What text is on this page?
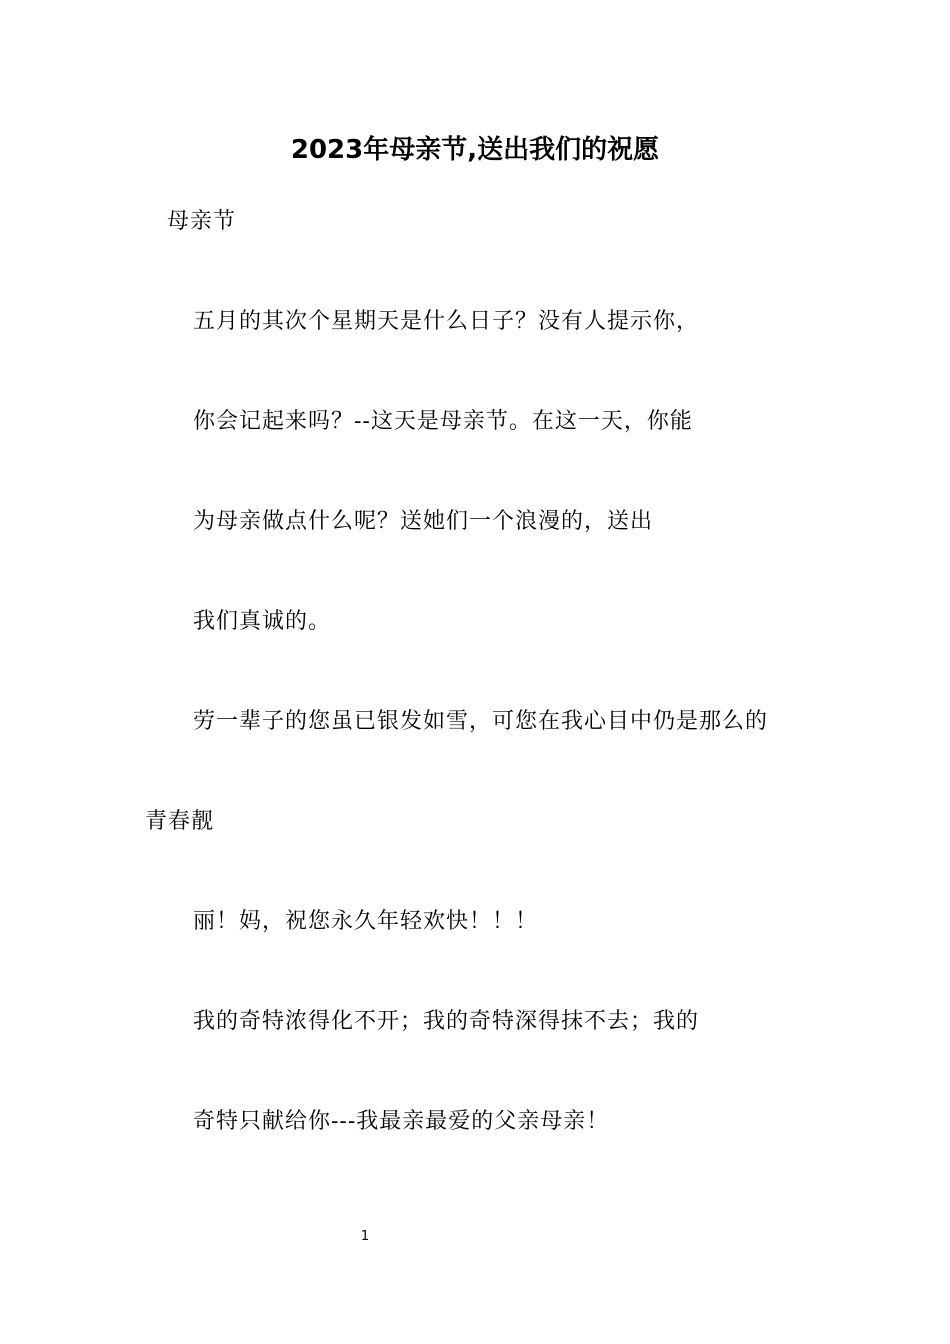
2023年母亲节,送出我们的祝愿
母亲节
五月的其次个星期天是什么日子？没有人提示你，
你会记起来吗？--这天是母亲节。在这一天，你能
为母亲做点什么呢？送她们一个浪漫的，送出
我们真诚的。
劳一辈子的您虽已银发如雪，可您在我心目中仍是那么的
青春靓
丽！妈，祝您永久年轻欢快！！！
我的奇特浓得化不开；我的奇特深得抹不去；我的
奇特只献给你---我最亲最爱的父亲母亲！
1
